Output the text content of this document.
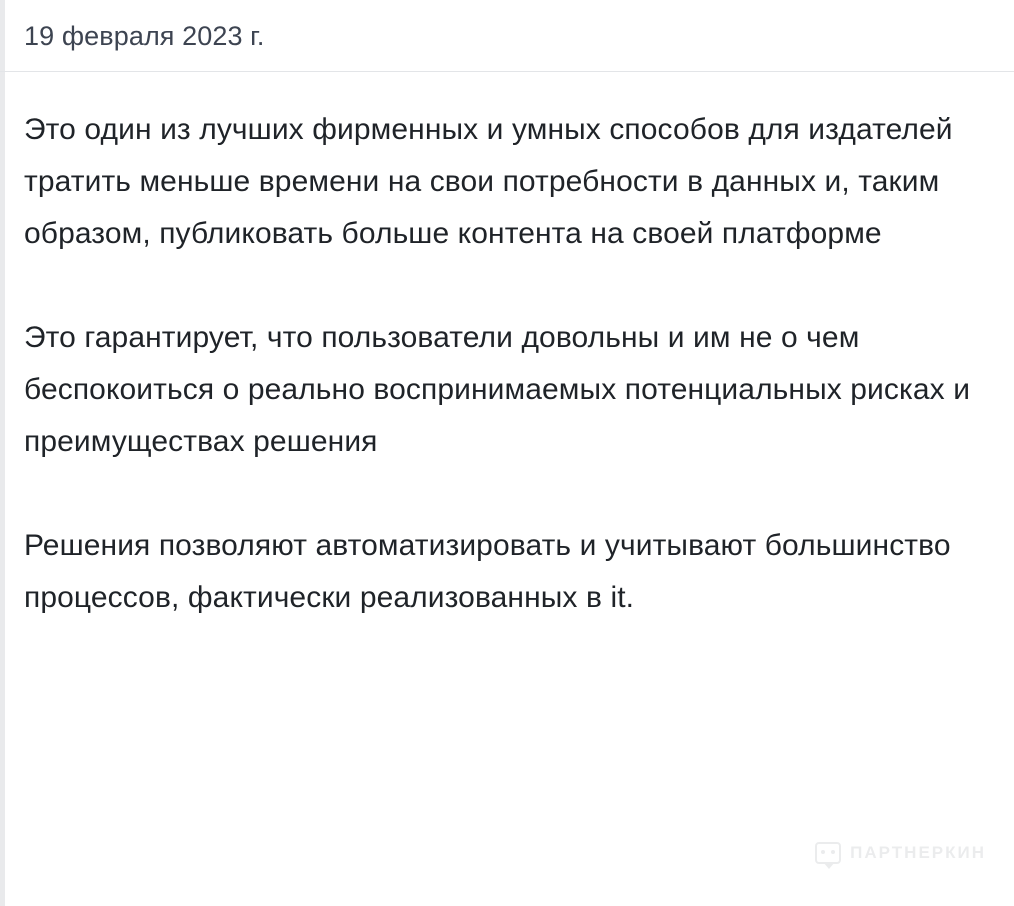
19 февраля 2023 г.

Это один из лучших фирменных и умных способов для издателей тратить меньше времени на свои потребности в данных и, таким образом, публиковать больше контента на своей платформе

Это гарантирует, что пользователи довольны и им не о чем беспокоиться о реально воспринимаемых потенциальных рисках и преимуществах решения

Решения позволяют автоматизировать и учитывают большинство процессов, фактически реализованных в it.

ПАРТНЕРКИН
